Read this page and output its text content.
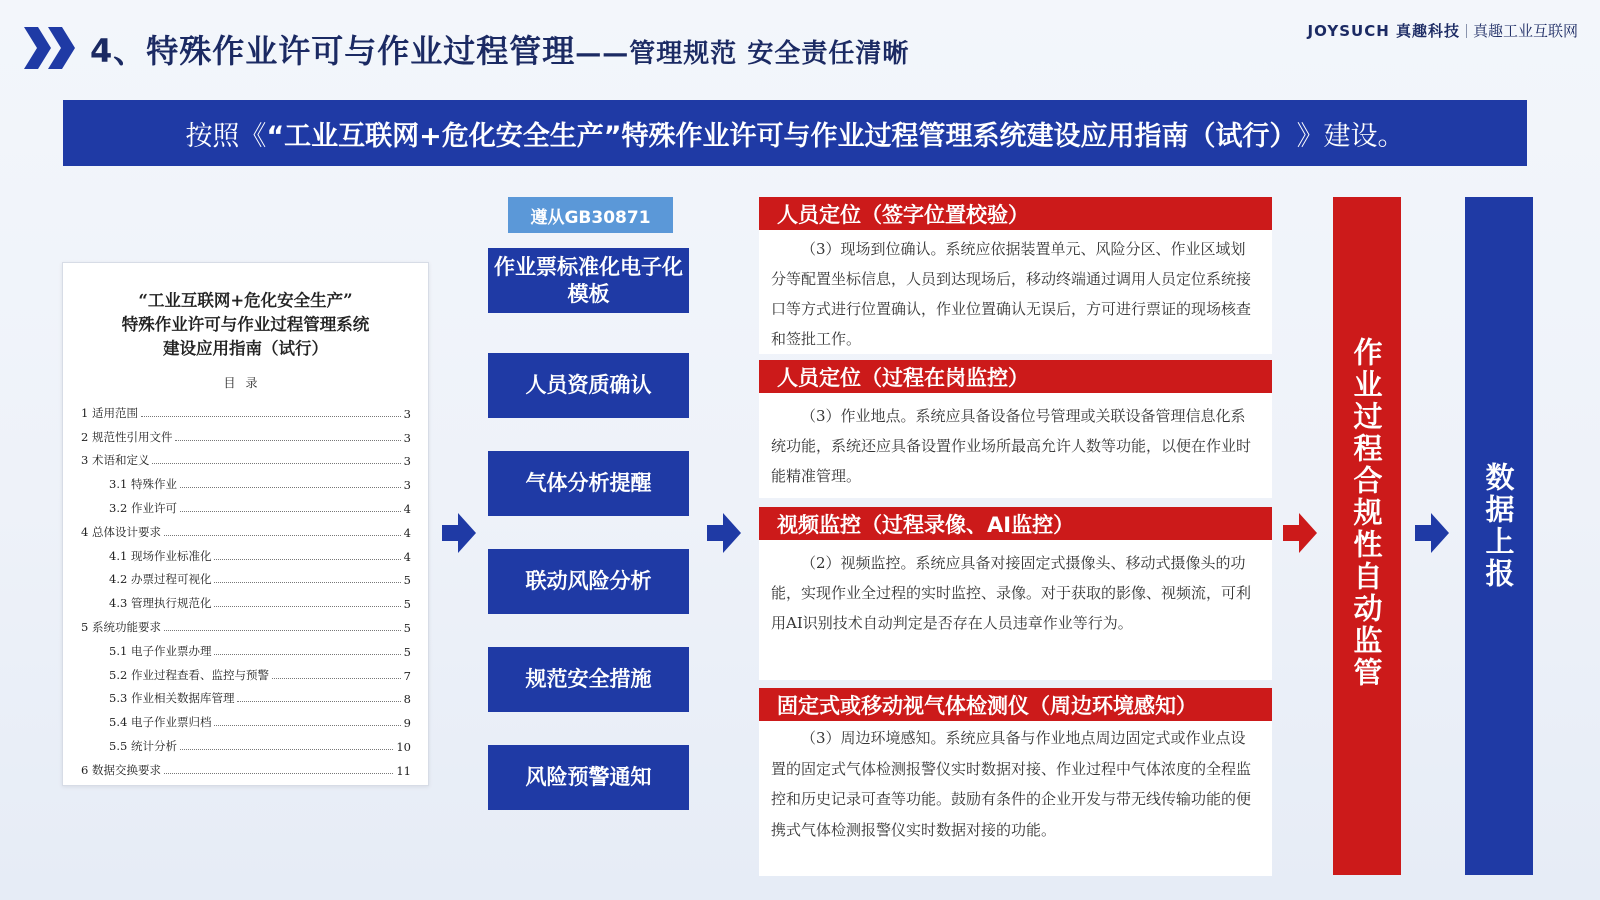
4、特殊作业许可与作业过程管理——管理规范 安全责任清晰
JOYSUCH 真趣科技 真趣工业互联网
按照《 “工业互联网+危化安全生产”特殊作业许可与作业过程管理系统建设应用指南（试行） 》建设。
“工业互联网+危化安全生产”
特殊作业许可与作业过程管理系统
建设应用指南（试行）
目录
1 适用范围	3
2 规范性引用文件	3
3 术语和定义	3
3.1 特殊作业	3
3.2 作业许可	4
4 总体设计要求	4
4.1 现场作业标准化	4
4.2 办票过程可视化	5
4.3 管理执行规范化	5
5 系统功能要求	5
5.1 电子作业票办理	5
5.2 作业过程查看、监控与预警	7
5.3 作业相关数据库管理	8
5.4 电子作业票归档	9
5.5 统计分析	10
6 数据交换要求	11
遵从GB30871
作业票标准化电子化模板
人员资质确认
气体分析提醒
联动风险分析
规范安全措施
风险预警通知
人员定位（签字位置校验）
（3）现场到位确认。系统应依据装置单元、风险分区、作业区域划分等配置坐标信息，人员到达现场后，移动终端通过调用人员定位系统接口等方式进行位置确认，作业位置确认无误后，方可进行票证的现场核查和签批工作。
人员定位（过程在岗监控）
（3）作业地点。系统应具备设备位号管理或关联设备管理信息化系统功能，系统还应具备设置作业场所最高允许人数等功能，以便在作业时能精准管理。
视频监控（过程录像、AI监控）
（2）视频监控。系统应具备对接固定式摄像头、移动式摄像头的功能，实现作业全过程的实时监控、录像。对于获取的影像、视频流，可利用AI识别技术自动判定是否存在人员违章作业等行为。
固定式或移动视气体检测仪（周边环境感知）
（3）周边环境感知。系统应具备与作业地点周边固定式或作业点设置的固定式气体检测报警仪实时数据对接、作业过程中气体浓度的全程监控和历史记录可查等功能。鼓励有条件的企业开发与带无线传输功能的便携式气体检测报警仪实时数据对接的功能。
作业过程合规性自动监管	数据上报
